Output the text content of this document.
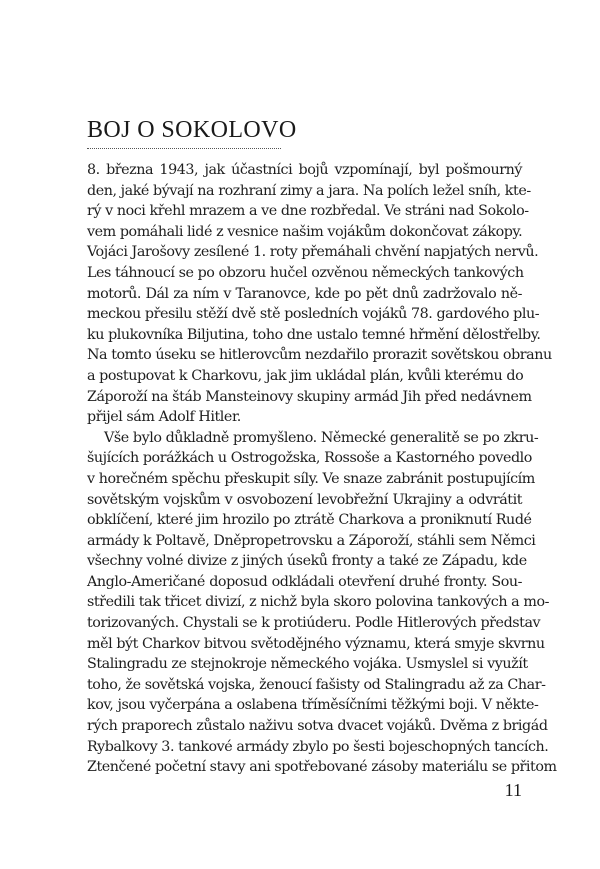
BOJ O SOKOLOVO

8. března 1943, jak účastníci bojů vzpomínají, byl pošmourný
den, jaké bývají na rozhraní zimy a jara. Na polích ležel sníh, kte-
rý v noci křehl mrazem a ve dne rozbředal. Ve stráni nad Sokolo-
vem pomáhali lidé z vesnice našim vojákům dokončovat zákopy.
Vojáci Jarošovy zesílené 1. roty přemáhali chvění napjatých nervů.
Les táhnoucí se po obzoru hučel ozvěnou německých tankových
motorů. Dál za ním v Taranovce, kde po pět dnů zadržovalo ně-
meckou přesilu stěží dvě stě posledních vojáků 78. gardového plu-
ku plukovníka Biljutina, toho dne ustalo temné hřmění dělostřelby.
Na tomto úseku se hitlerovcům nezdařilo prorazit sovětskou obranu
a postupovat k Charkovu, jak jim ukládal plán, kvůli kterému do
Záporoží na štáb Mansteinovy skupiny armád Jih před nedávnem
přijel sám Adolf Hitler.

Vše bylo důkladně promyšleno. Německé generalitě se po zkru-
šujících porážkách u Ostrogožska, Rossoše a Kastorného povedlo
v horečném spěchu přeskupit síly. Ve snaze zabránit postupujícím
sovětským vojskům v osvobození levobřežní Ukrajiny a odvrátit
obklíčení, které jim hrozilo po ztrátě Charkova a proniknutí Rudé
armády k Poltavě, Dněpropetrovsku a Záporoží, stáhli sem Němci
všechny volné divize z jiných úseků fronty a také ze Západu, kde
Anglo-Američané doposud odkládali otevření druhé fronty. Sou-
středili tak třicet divizí, z nichž byla skoro polovina tankových a mo-
torizovaných. Chystali se k protiúderu. Podle Hitlerových představ
měl být Charkov bitvou světodějného významu, která smyje skvrnu
Stalingradu ze stejnokroje německého vojáka. Usmyslel si využít
toho, že sovětská vojska, ženoucí fašisty od Stalingradu až za Char-
kov, jsou vyčerpána a oslabena tříměsíčními těžkými boji. V někte-
rých praporech zůstalo naživu sotva dvacet vojáků. Dvěma z brigád
Rybalkovy 3. tankové armády zbylo po šesti bojeschopných tancích.
Ztenčené početní stavy ani spotřebované zásoby materiálu se přitom

11
